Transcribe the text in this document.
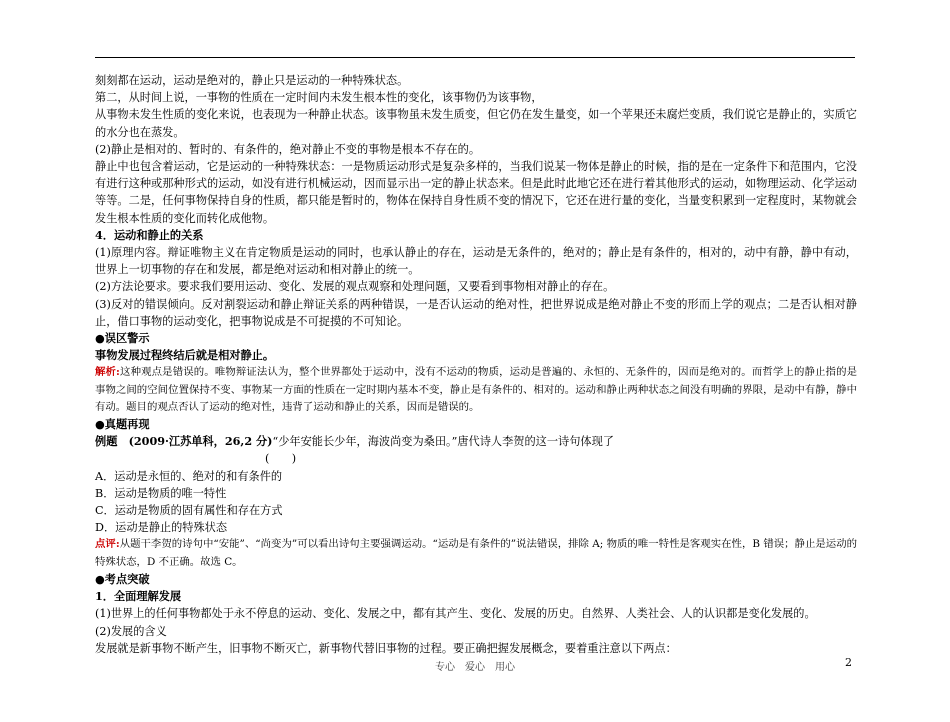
刻刻都在运动，运动是绝对的，静止只是运动的一种特殊状态。

第二，从时间上说，一事物的性质在一定时间内未发生根本性的变化，该事物仍为该事物，

从事物未发生性质的变化来说，也表现为一种静止状态。该事物虽未发生质变，但它仍在发生量变，如一个苹果还未腐烂变质，我们说它是静止的，实质它的水分也在蒸发。

(2)静止是相对的、暂时的、有条件的，绝对静止不变的事物是根本不存在的。

静止中也包含着运动，它是运动的一种特殊状态：一是物质运动形式是复杂多样的，当我们说某一物体是静止的时候，指的是在一定条件下和范围内，它没有进行这种或那种形式的运动，如没有进行机械运动，因而显示出一定的静止状态来。但是此时此地它还在进行着其他形式的运动，如物理运动、化学运动等等。二是，任何事物保持自身的性质，都只能是暂时的，物体在保持自身性质不变的情况下，它还在进行量的变化，当量变积累到一定程度时，某物就会发生根本性质的变化而转化成他物。

4．运动和静止的关系

(1)原理内容。辩证唯物主义在肯定物质是运动的同时，也承认静止的存在，运动是无条件的，绝对的；静止是有条件的，相对的，动中有静，静中有动，世界上一切事物的存在和发展，都是绝对运动和相对静止的统一。

(2)方法论要求。要求我们要用运动、变化、发展的观点观察和处理问题，又要看到事物相对静止的存在。

(3)反对的错误倾向。反对割裂运动和静止辩证关系的两种错误，一是否认运动的绝对性，把世界说成是绝对静止不变的形而上学的观点；二是否认相对静止，借口事物的运动变化，把事物说成是不可捉摸的不可知论。

●误区警示

事物发展过程终结后就是相对静止。

解析:这种观点是错误的。唯物辩证法认为，整个世界都处于运动中，没有不运动的物质，运动是普遍的、永恒的、无条件的，因而是绝对的。而哲学上的静止指的是事物之间的空间位置保持不变、事物某一方面的性质在一定时期内基本不变，静止是有条件的、相对的。运动和静止两种状态之间没有明确的界限，是动中有静，静中有动。题目的观点否认了运动的绝对性，违背了运动和静止的关系，因而是错误的。

●真题再现

例题　 (2009·江苏单科，26,2 分)“少年安能长少年，海波尚变为桑田。”唐代诗人李贺的这一诗句体现了

(　　)

A．运动是永恒的、绝对的和有条件的

B．运动是物质的唯一特性

C．运动是物质的固有属性和存在方式

D．运动是静止的特殊状态

点评:从题干李贺的诗句中“安能”、“尚变为”可以看出诗句主要强调运动。“运动是有条件的”说法错误，排除 A; 物质的唯一特性是客观实在性，B 错误；静止是运动的特殊状态，D 不正确。故选 C。

●考点突破

1．全面理解发展

(1)世界上的任何事物都处于永不停息的运动、变化、发展之中，都有其产生、变化、发展的历史。自然界、人类社会、人的认识都是变化发展的。

(2)发展的含义

发展就是新事物不断产生，旧事物不断灭亡，新事物代替旧事物的过程。要正确把握发展概念，要着重注意以下两点：

专心　爱心　用心	2
